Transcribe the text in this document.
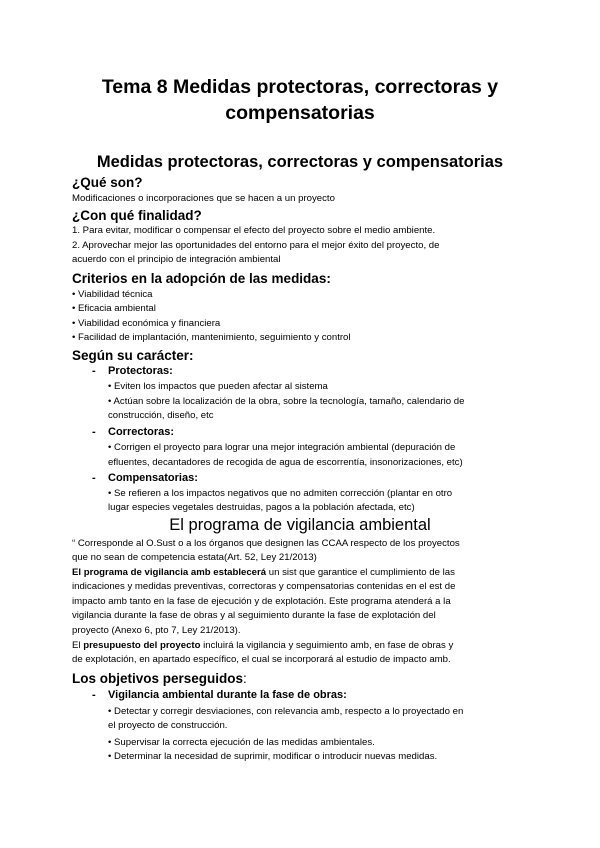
Tema 8 Medidas protectoras, correctoras y
compensatorias
Medidas protectoras, correctoras y compensatorias
¿Qué son?

Modificaciones o incorporaciones que se hacen a un proyecto

¿Con qué finalidad?

1. Para evitar, modificar o compensar el efecto del proyecto sobre el medio ambiente.

2. Aprovechar mejor las oportunidades del entorno para el mejor éxito del proyecto, de

acuerdo con el principio de integración ambiental

Criterios en la adopción de las medidas:

• Viabilidad técnica

• Eficacia ambiental

• Viabilidad económica y financiera

• Facilidad de implantación, mantenimiento, seguimiento y control

Según su carácter:

- Protectoras:

• Eviten los impactos que pueden afectar al sistema

• Actúan sobre la localización de la obra, sobre la tecnología, tamaño, calendario de

construcción, diseño, etc

- Correctoras:

• Corrigen el proyecto para lograr una mejor integración ambiental (depuración de

efluentes, decantadores de recogida de agua de escorrentía, insonorizaciones, etc)

- Compensatorias:

• Se refieren a los impactos negativos que no admiten corrección (plantar en otro

lugar especies vegetales destruidas, pagos a la población afectada, etc)

El programa de vigilancia ambiental

“ Corresponde al O.Sust o a los órganos que designen las CCAA respecto de los proyectos

que no sean de competencia estata(Art. 52, Ley 21/2013)

El programa de vigilancia amb establecerá un sist que garantice el cumplimiento de las

indicaciones y medidas preventivas, correctoras y compensatorias contenidas en el est de

impacto amb tanto en la fase de ejecución y de explotación. Este programa atenderá a la

vigilancia durante la fase de obras y al seguimiento durante la fase de explotación del

proyecto (Anexo 6, pto 7, Ley 21/2013).

El presupuesto del proyecto incluirá la vigilancia y seguimiento amb, en fase de obras y

de explotación, en apartado específico, el cual se incorporará al estudio de impacto amb.

Los objetivos perseguidos:

- Vigilancia ambiental durante la fase de obras:

• Detectar y corregir desviaciones, con relevancia amb, respecto a lo proyectado en

el proyecto de construcción.

• Supervisar la correcta ejecución de las medidas ambientales.

• Determinar la necesidad de suprimir, modificar o introducir nuevas medidas.
